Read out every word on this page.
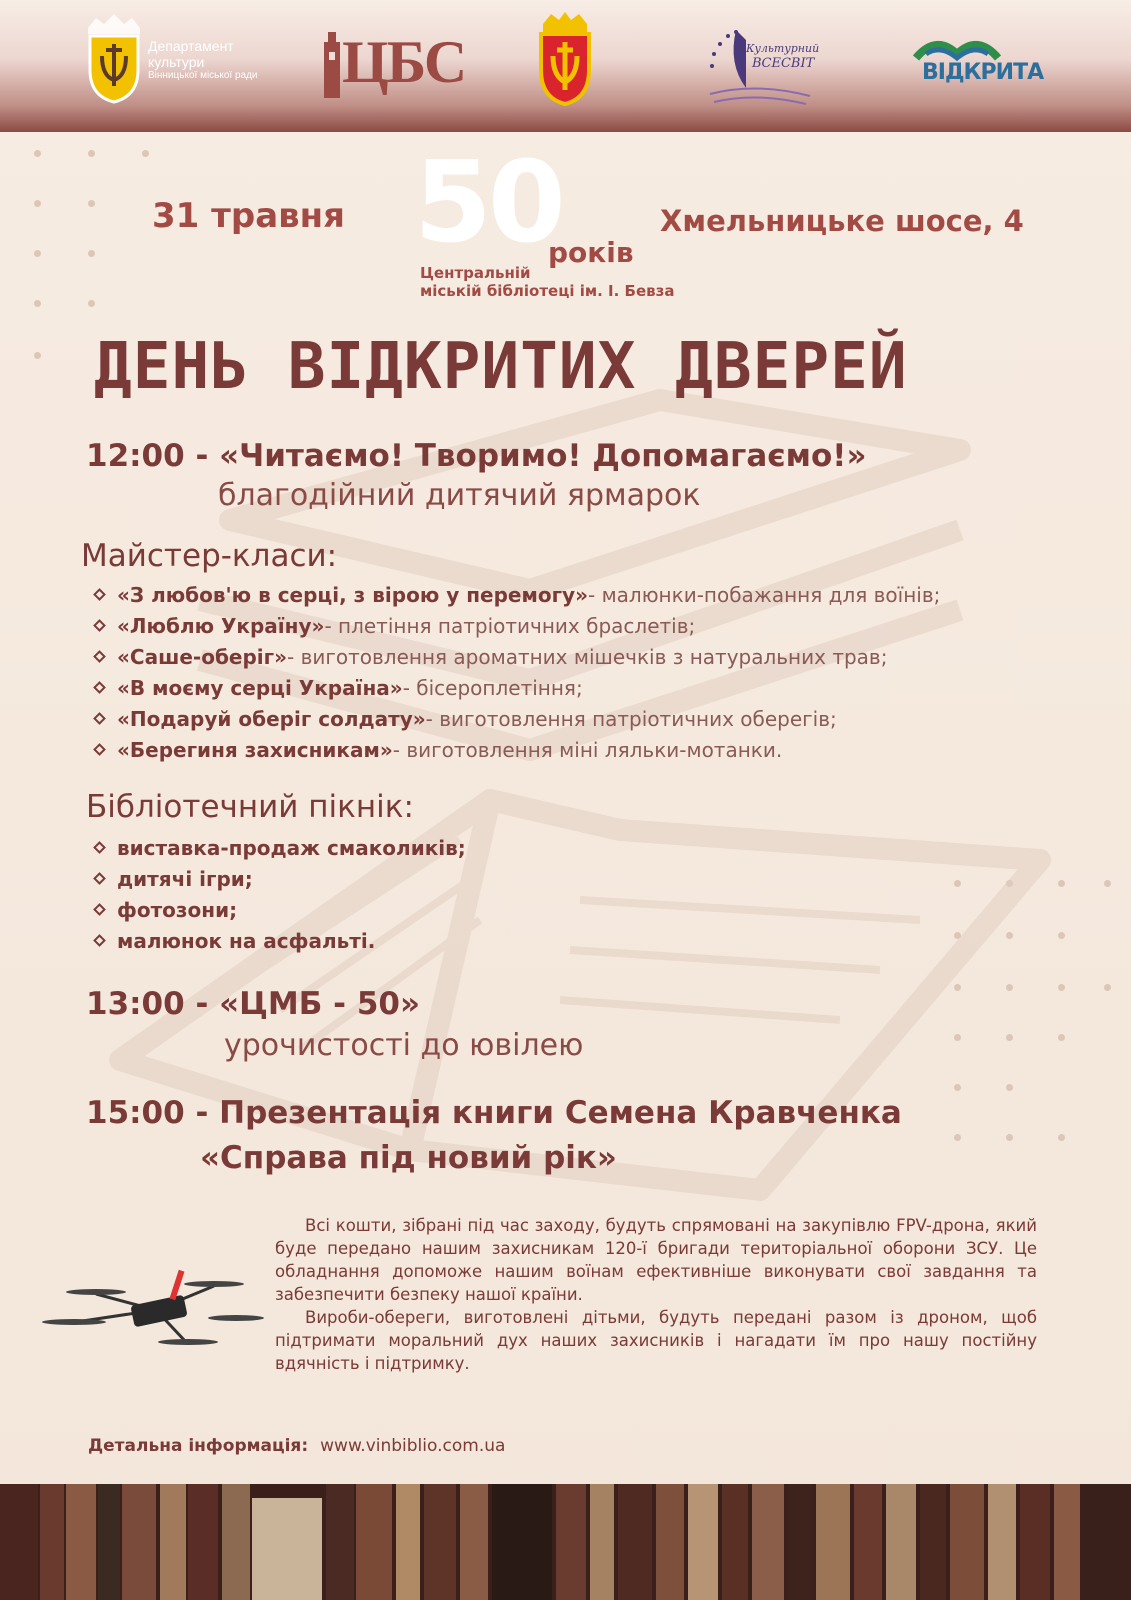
Департамент
культури
Вінницької міської ради ЦБС	Культурний
ВСЕСВІТ	ВІДКРИТА
31 травня 50
років
Центральній
міській бібліотеці ім. І. Бевза
Хмельницьке шосе, 4
ДЕНЬ ВІДКРИТИХ ДВЕРЕЙ
12:00 - «Читаємо! Творимо! Допомагаємо!»
благодійний дитячий ярмарок
Майстер-класи:
«З любов'ю в серці, з вірою у перемогу» - малюнки-побажання для воїнів;
«Люблю Україну» - плетіння патріотичних браслетів;
«Саше-оберіг» - виготовлення ароматних мішечків з натуральних трав;
«В моєму серці Україна» - бісероплетіння;
«Подаруй оберіг солдату» - виготовлення патріотичних оберегів;
«Берегиня захисникам» - виготовлення міні ляльки-мотанки.
Бібліотечний пікнік:
виставка-продаж смаколиків;
дитячі ігри;
фотозони;
малюнок на асфальті.
13:00 - «ЦМБ - 50»
урочистості до ювілею
15:00 - Презентація книги Семена Кравченка
«Справа під новий рік»

Всі кошти, зібрані під час заходу, будуть спрямовані на закупівлю FPV-дрона, який буде передано нашим захисникам 120-ї бригади територіальної оборони ЗСУ. Це обладнання допоможе нашим воїнам ефективніше виконувати свої завдання та забезпечити безпеку нашої країни.

Вироби-обереги, виготовлені дітьми, будуть передані разом із дроном, щоб підтримати моральний дух наших захисників і нагадати їм про нашу постійну вдячність і підтримку.

Детальна інформація: www.vinbiblio.com.ua
